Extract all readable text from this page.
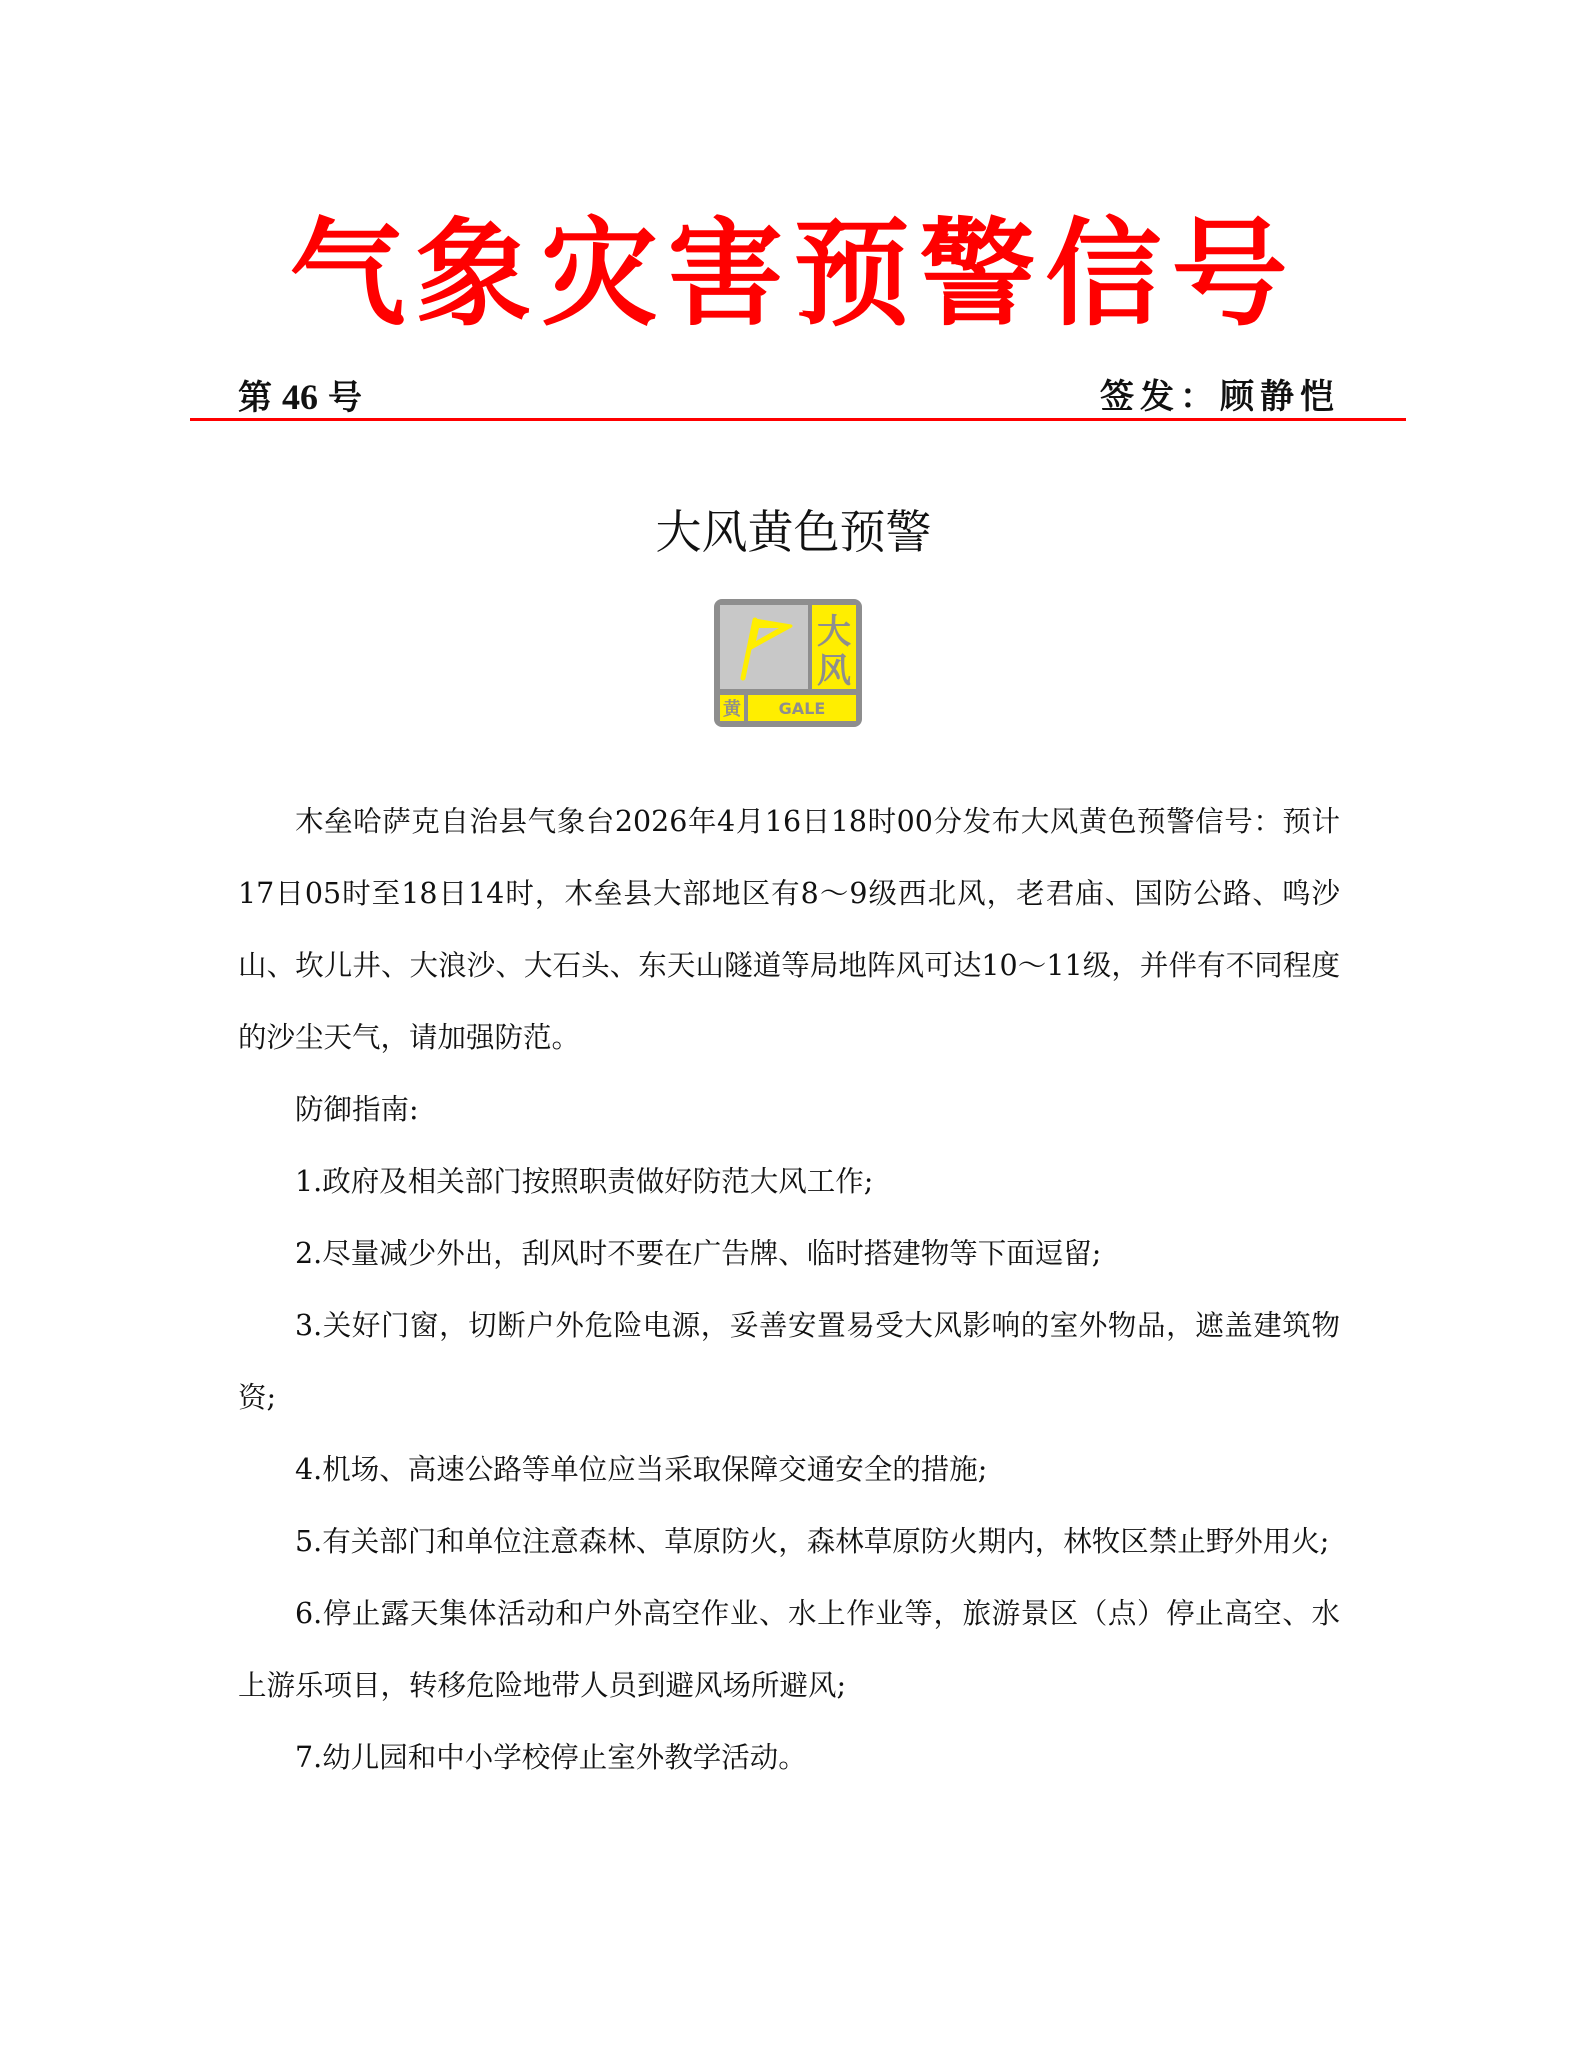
气象灾害预警信号
第 46 号	签发：顾静恺
大风黄色预警
大
风
黄 GALE

木垒哈萨克自治县气象台2026年4月16日18时00分发布大风黄色预警信号：预计17日05时至18日14时，木垒县大部地区有8～9级西北风，老君庙、国防公路、鸣沙山、坎儿井、大浪沙、大石头、东天山隧道等局地阵风可达10～11级，并伴有不同程度的沙尘天气，请加强防范。

防御指南:

1.政府及相关部门按照职责做好防范大风工作;

2.尽量减少外出，刮风时不要在广告牌、临时搭建物等下面逗留;

3.关好门窗，切断户外危险电源，妥善安置易受大风影响的室外物品，遮盖建筑物资;

4.机场、高速公路等单位应当采取保障交通安全的措施;

5.有关部门和单位注意森林、草原防火，森林草原防火期内，林牧区禁止野外用火;

6.停止露天集体活动和户外高空作业、水上作业等，旅游景区（点）停止高空、水上游乐项目，转移危险地带人员到避风场所避风;

7.幼儿园和中小学校停止室外教学活动。
